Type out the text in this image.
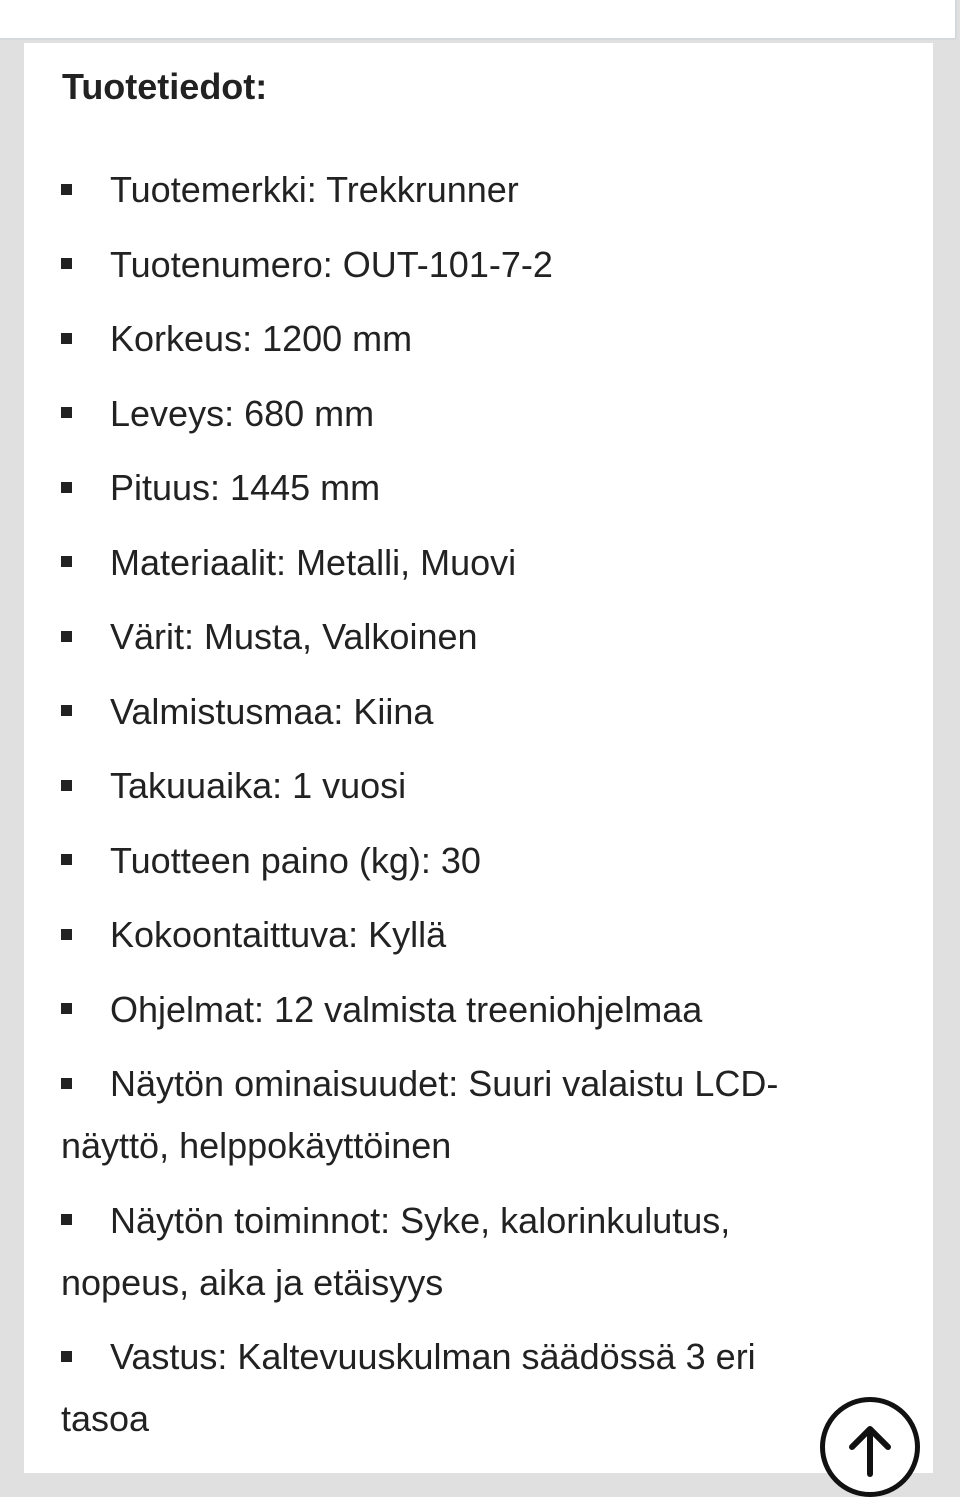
Tuotetiedot:
Tuotemerkki: Trekkrunner
Tuotenumero: OUT-101-7-2
Korkeus: 1200 mm
Leveys: 680 mm
Pituus: 1445 mm
Materiaalit: Metalli, Muovi
Värit: Musta, Valkoinen
Valmistusmaa: Kiina
Takuuaika: 1 vuosi
Tuotteen paino (kg): 30
Kokoontaittuva: Kyllä
Ohjelmat: 12 valmista treeniohjelmaa
Näytön ominaisuudet: Suuri valaistu LCD-näyttö, helppokäyttöinen
Näytön toiminnot: Syke, kalorinkulutus, nopeus, aika ja etäisyys
Vastus: Kaltevuuskulman säädössä 3 eri tasoa
